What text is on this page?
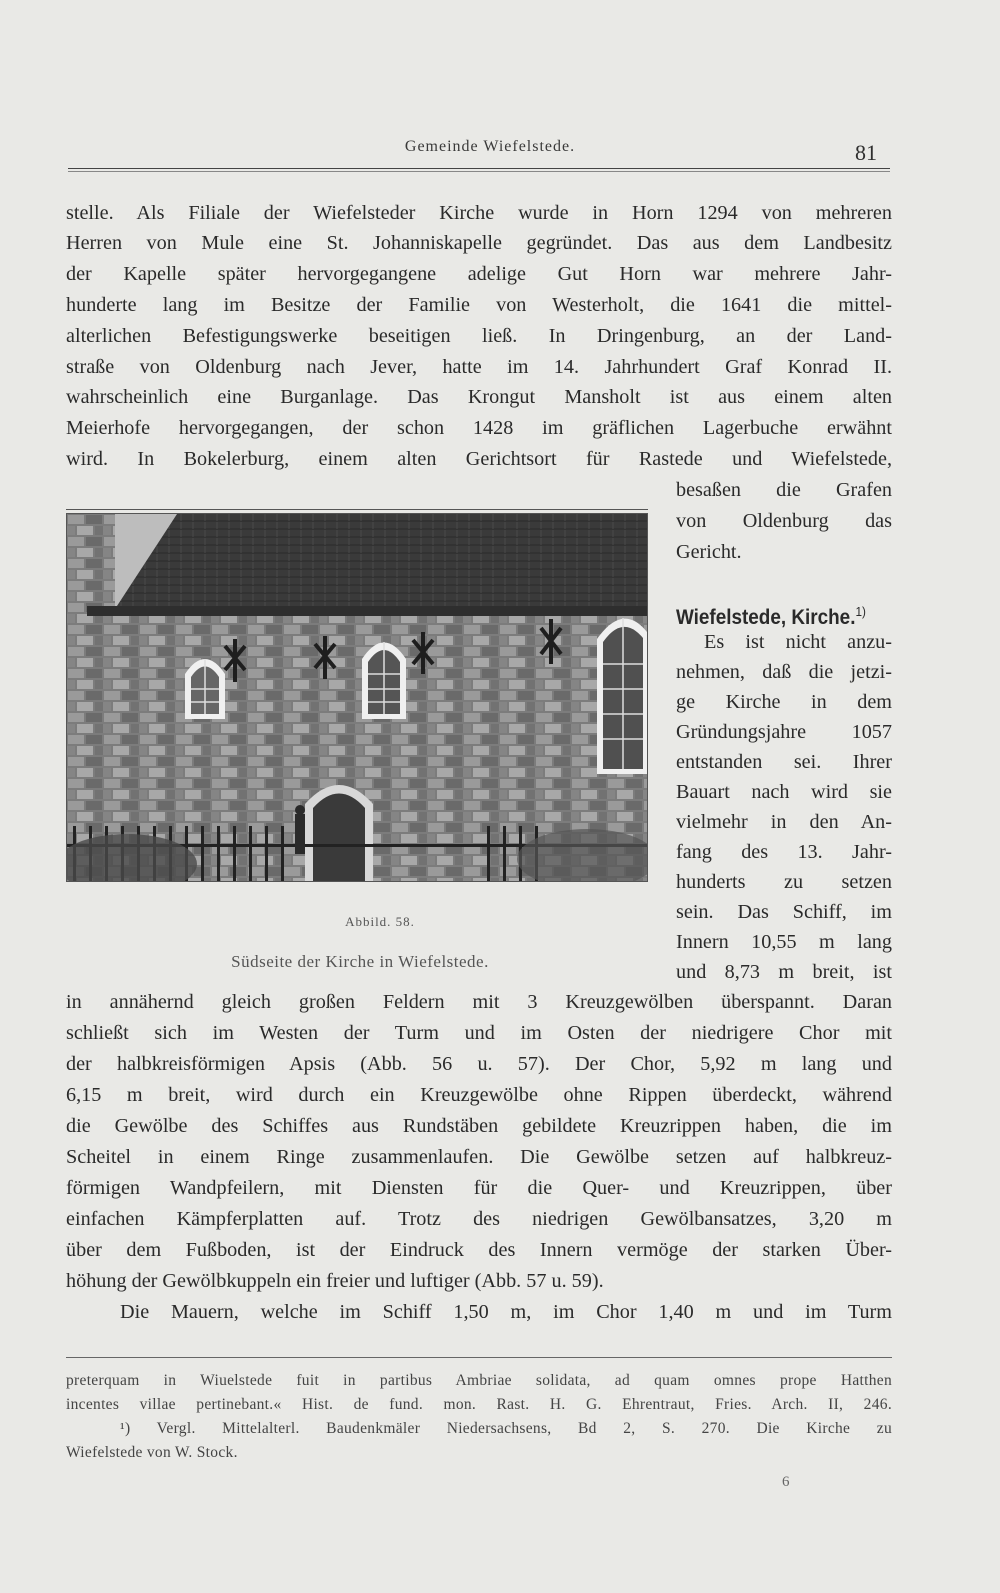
Gemeinde Wiefelstede.	81
stelle. Als Filiale der Wiefelsteder Kirche wurde in Horn 1294 von mehreren
Herren von Mule eine St. Johanniskapelle gegründet. Das aus dem Landbesitz
der Kapelle später hervorgegangene adelige Gut Horn war mehrere Jahr-
hunderte lang im Besitze der Familie von Westerholt, die 1641 die mittel-
alterlichen Befestigungswerke beseitigen ließ. In Dringenburg, an der Land-
straße von Oldenburg nach Jever, hatte im 14. Jahrhundert Graf Konrad II.
wahrscheinlich eine Burganlage. Das Krongut Mansholt ist aus einem alten
Meierhofe hervorgegangen, der schon 1428 im gräflichen Lagerbuche erwähnt
wird. In Bokelerburg, einem alten Gerichtsort für Rastede und Wiefelstede,
besaßen die Grafen
von Oldenburg das
Gericht.
Wiefelstede, Kirche.$^{1)}$
Es ist nicht anzu-
nehmen, daß die jetzi-
ge Kirche in dem
Gründungsjahre 1057
entstanden sei. Ihrer
Bauart nach wird sie
vielmehr in den An-
fang des 13. Jahr-
hunderts zu setzen
sein. Das Schiff, im
Innern 10,55 m lang
und 8,73 m breit, ist
Abbild. 58.
Südseite der Kirche in Wiefelstede.
in annähernd gleich großen Feldern mit 3 Kreuzgewölben überspannt. Daran
schließt sich im Westen der Turm und im Osten der niedrigere Chor mit
der halbkreisförmigen Apsis (Abb. 56 u. 57). Der Chor, 5,92 m lang und
6,15 m breit, wird durch ein Kreuzgewölbe ohne Rippen überdeckt, während
die Gewölbe des Schiffes aus Rundstäben gebildete Kreuzrippen haben, die im
Scheitel in einem Ringe zusammenlaufen. Die Gewölbe setzen auf halbkreuz-
förmigen Wandpfeilern, mit Diensten für die Quer- und Kreuzrippen, über
einfachen Kämpferplatten auf. Trotz des niedrigen Gewölbansatzes, 3,20 m
über dem Fußboden, ist der Eindruck des Innern vermöge der starken Über-
höhung der Gewölbkuppeln ein freier und luftiger (Abb. 57 u. 59).
Die Mauern, welche im Schiff 1,50 m, im Chor 1,40 m und im Turm
preterquam in Wiuelstede fuit in partibus Ambriae solidata, ad quam omnes prope Hatthen
incentes villae pertinebant.« Hist. de fund. mon. Rast. H. G. Ehrentraut, Fries. Arch. II, 246.
¹) Vergl. Mittelalterl. Baudenkmäler Niedersachsens, Bd 2, S. 270. Die Kirche zu
Wiefelstede von W. Stock.
6
